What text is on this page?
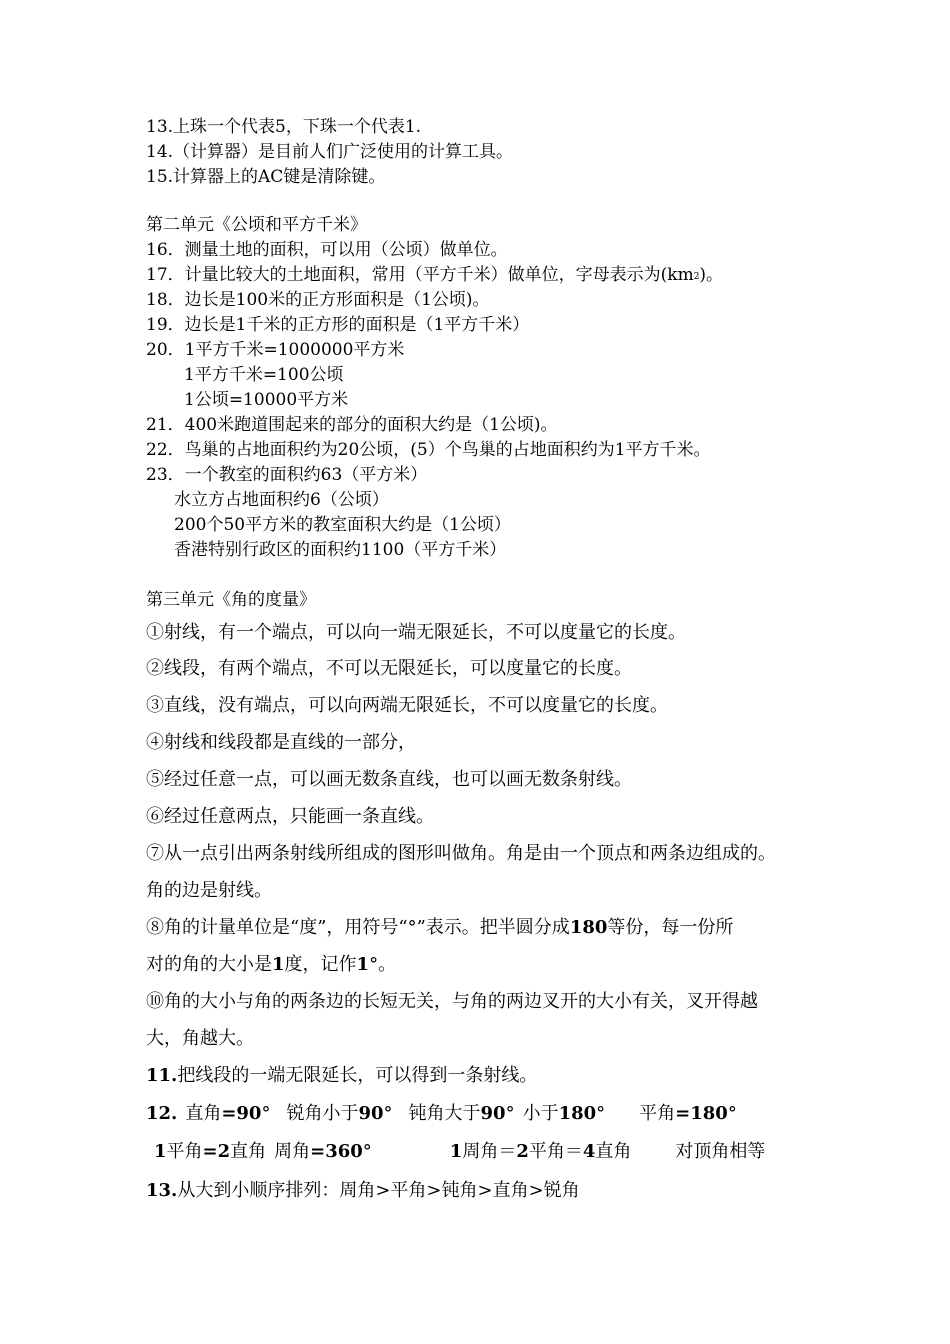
13.上珠一个代表5，下珠一个代表1.
14.（计算器）是目前人们广泛使用的计算工具。
15.计算器上的AC键是清除键。
第二单元《公顷和平方千米》
16．测量土地的面积，可以用（公顷）做单位。
17．计量比较大的土地面积，常用（平方千米）做单位，字母表示为$(km^2)$。
18．边长是100米的正方形面积是（1公顷)。
19．边长是1千米的正方形的面积是（1平方千米）
20．1平方千米=1000000平方米
1平方千米=100公顷
1公顷=10000平方米
21．400米跑道围起来的部分的面积大约是（1公顷)。
22．鸟巢的占地面积约为20公顷，(5）个鸟巢的占地面积约为1平方千米。
23．一个教室的面积约63（平方米）
水立方占地面积约6（公顷）
200个50平方米的教室面积大约是（1公顷）
香港特别行政区的面积约1100（平方千米）
第三单元《角的度量》
①射线，有一个端点，可以向一端无限延长，不可以度量它的长度。
②线段，有两个端点，不可以无限延长，可以度量它的长度。
③直线，没有端点，可以向两端无限延长，不可以度量它的长度。
④射线和线段都是直线的一部分，
⑤经过任意一点，可以画无数条直线，也可以画无数条射线。
⑥经过任意两点，只能画一条直线。
⑦从一点引出两条射线所组成的图形叫做角。角是由一个顶点和两条边组成的。
角的边是射线。
⑧角的计量单位是“度”，用符号“°”表示。把半圆分成180等份，每一份所
对的角的大小是1度，记作1°。
⑩角的大小与角的两条边的长短无关，与角的两边叉开的大小有关，叉开得越
大，角越大。
11.把线段的一端无限延长，可以得到一条射线。
12. 直角=90° 锐角小于90° 钝角大于90° 小于180° 平角=180°
1平角=2直角 周角=360°	1周角＝2平角＝4直角 对顶角相等
13.从大到小顺序排列：周角>平角>钝角>直角>锐角
